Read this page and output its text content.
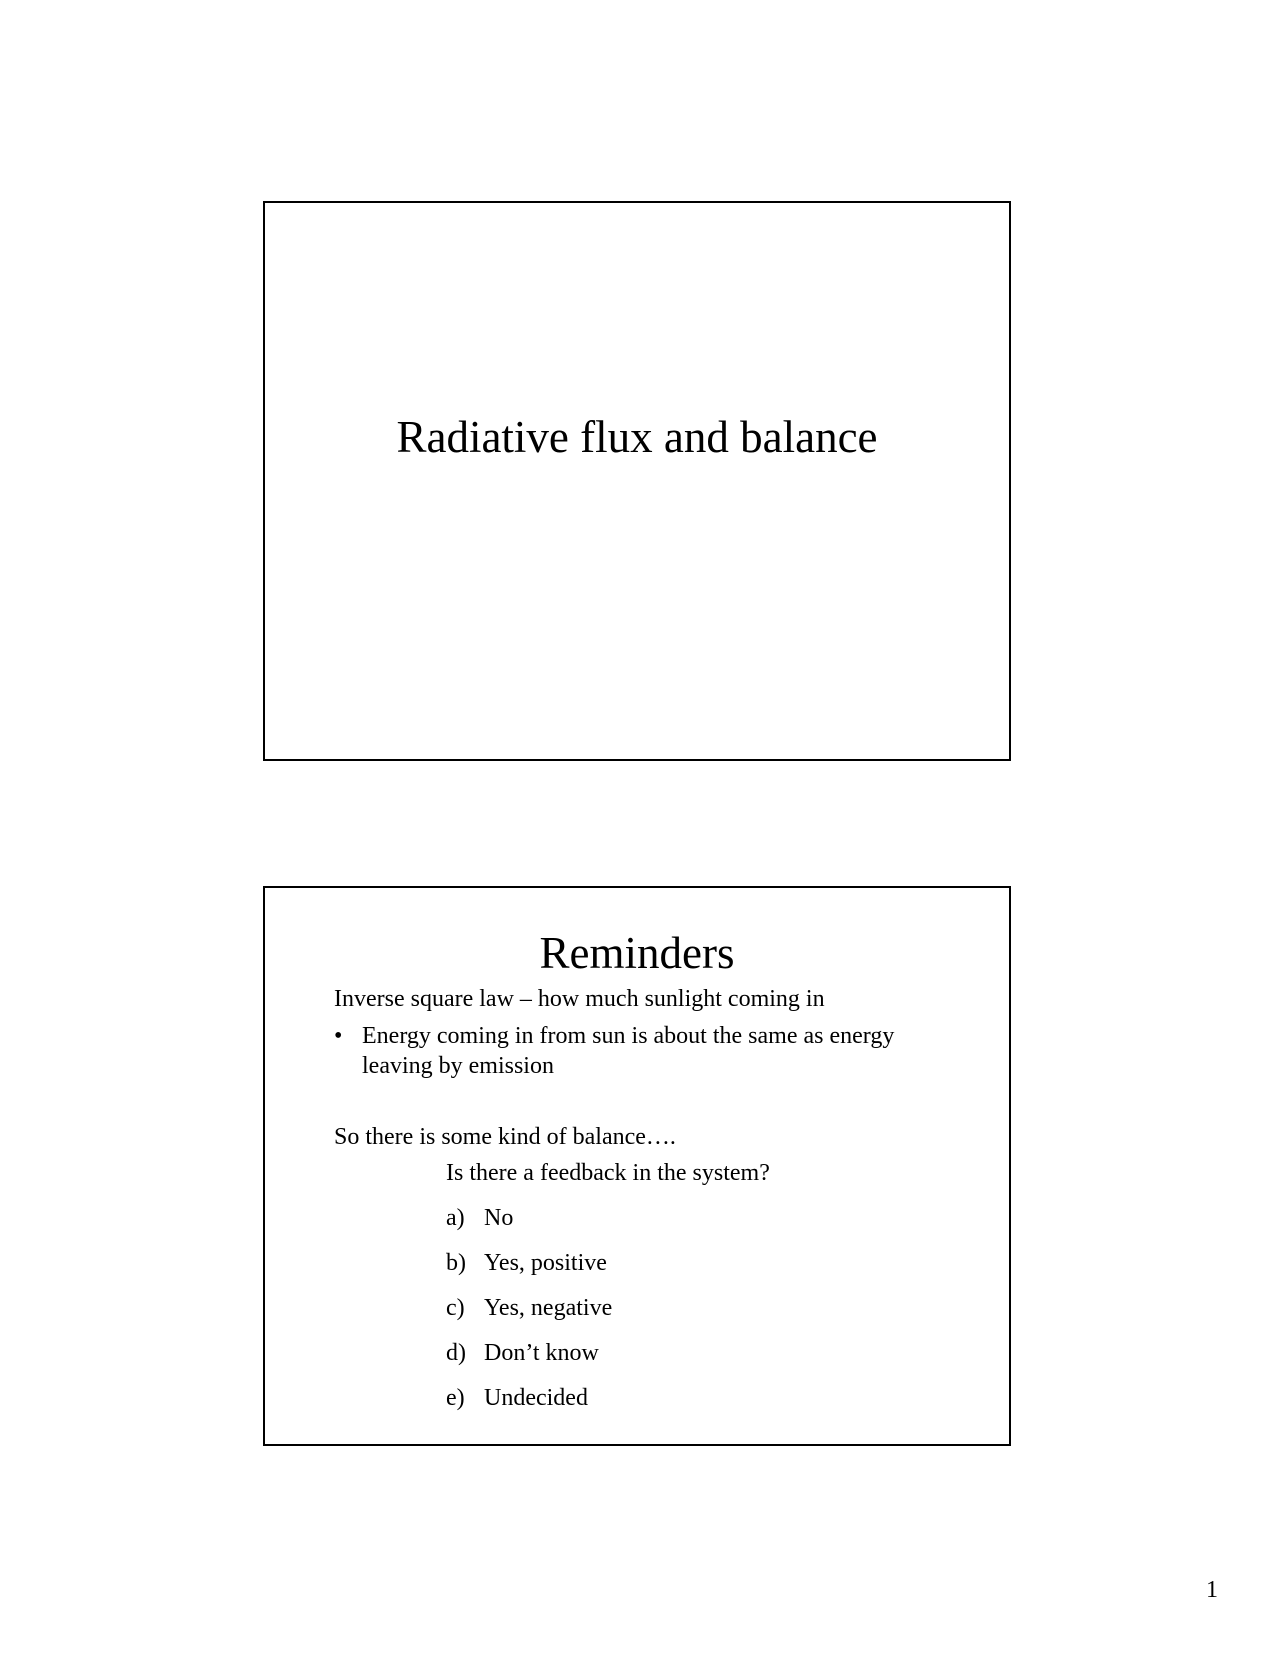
Radiative flux and balance
Reminders

Inverse square law – how much sunlight coming in

• Energy coming in from sun is about the same as energy leaving by emission

So there is some kind of balance….

Is there a feedback in the system?

a) No
b) Yes, positive
c) Yes, negative
d) Don’t know
e) Undecided
1
